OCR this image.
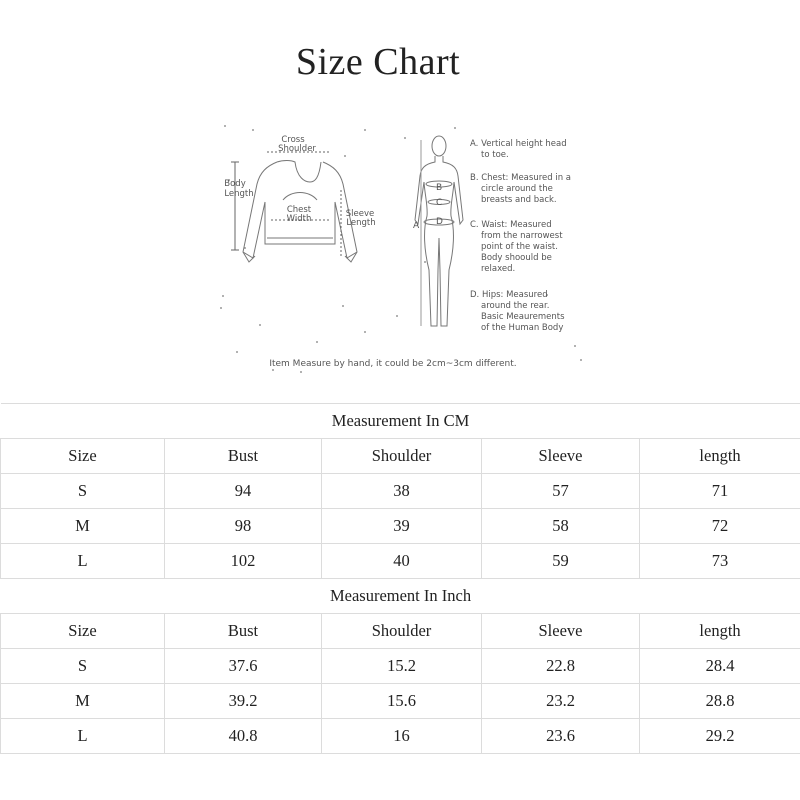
Size Chart
Cross
Shoulder
Body
Length
Chest
Width	Sleeve
Length	A
B
C
D
A. Vertical height head
to toe.
B. Chest: Measured in a
circle around the
breasts and back.
C. Waist: Measured
from the narrowest
point of the waist.
Body shoould be
relaxed.
D. Hips: Measured
around the rear.
Basic Meaurements
of the Human Body
Item Measure by hand, it could be 2cm~3cm different.
Measurement In CM				
Size	Bust	Shoulder	Sleeve	length
S	94	38	57	71
M	98	39	58	72
L	102	40	59	73
Measurement In Inch				
Size	Bust	Shoulder	Sleeve	length
S	37.6	15.2	22.8	28.4
M	39.2	15.6	23.2	28.8
L	40.8	16	23.6	29.2
